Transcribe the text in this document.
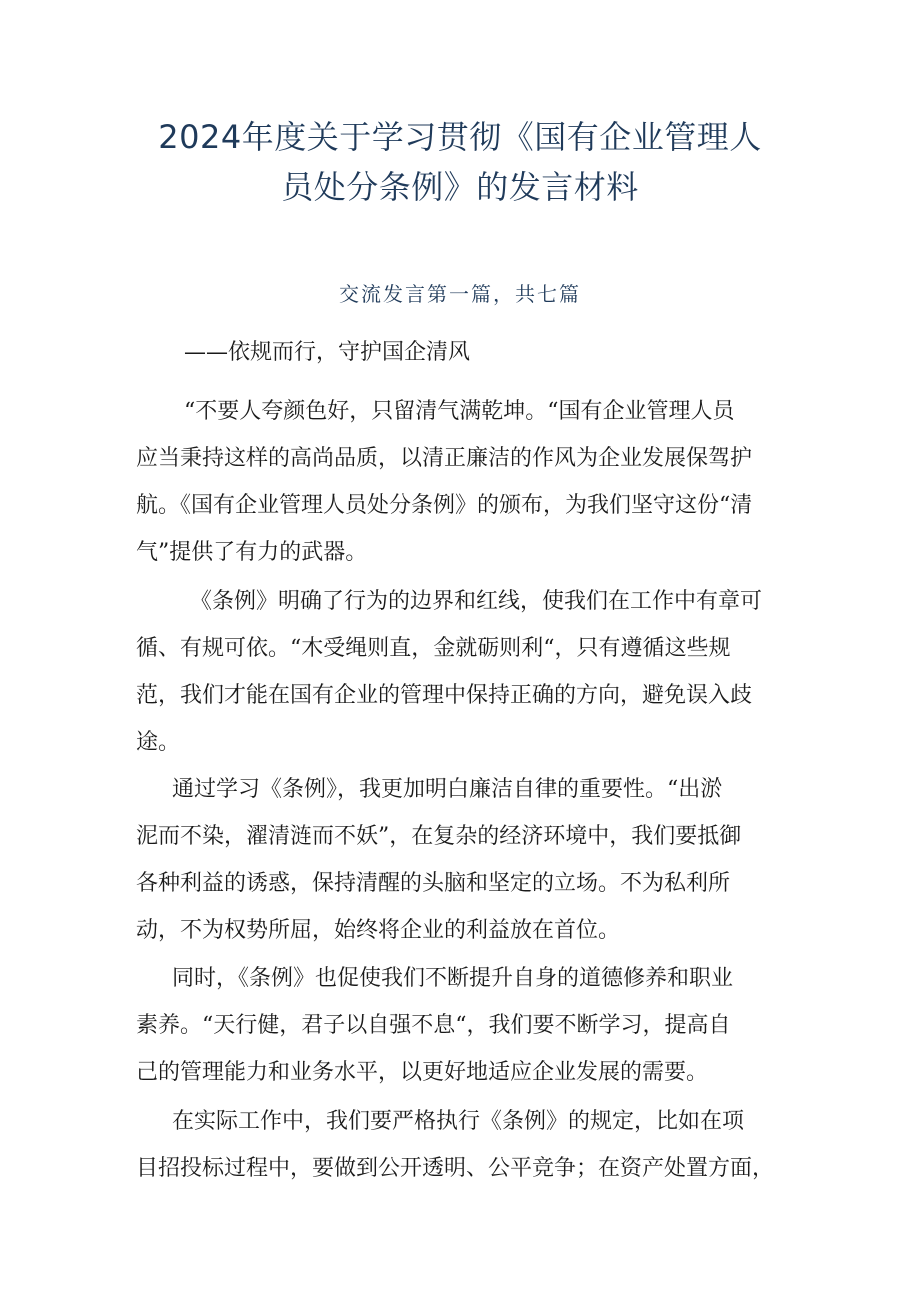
2024年度关于学习贯彻《国有企业管理人
员处分条例》的发言材料
交流发言第一篇，共七篇
——依规而行，守护国企清风

“不要人夸颜色好，只留清气满乾坤。“国有企业管理人员
应当秉持这样的高尚品质，以清正廉洁的作风为企业发展保驾护
航。《国有企业管理人员处分条例》的颁布，为我们坚守这份“清
气”提供了有力的武器。

《条例》明确了行为的边界和红线，使我们在工作中有章可
循、有规可依。“木受绳则直，金就砺则利“，只有遵循这些规
范，我们才能在国有企业的管理中保持正确的方向，避免误入歧
途。

通过学习《条例》，我更加明白廉洁自律的重要性。“出淤
泥而不染，濯清涟而不妖”，在复杂的经济环境中，我们要抵御
各种利益的诱惑，保持清醒的头脑和坚定的立场。不为私利所
动，不为权势所屈，始终将企业的利益放在首位。

同时，《条例》也促使我们不断提升自身的道德修养和职业
素养。“天行健，君子以自强不息“，我们要不断学习，提高自
己的管理能力和业务水平，以更好地适应企业发展的需要。

在实际工作中，我们要严格执行《条例》的规定，比如在项
目招投标过程中，要做到公开透明、公平竞争；在资产处置方面，
